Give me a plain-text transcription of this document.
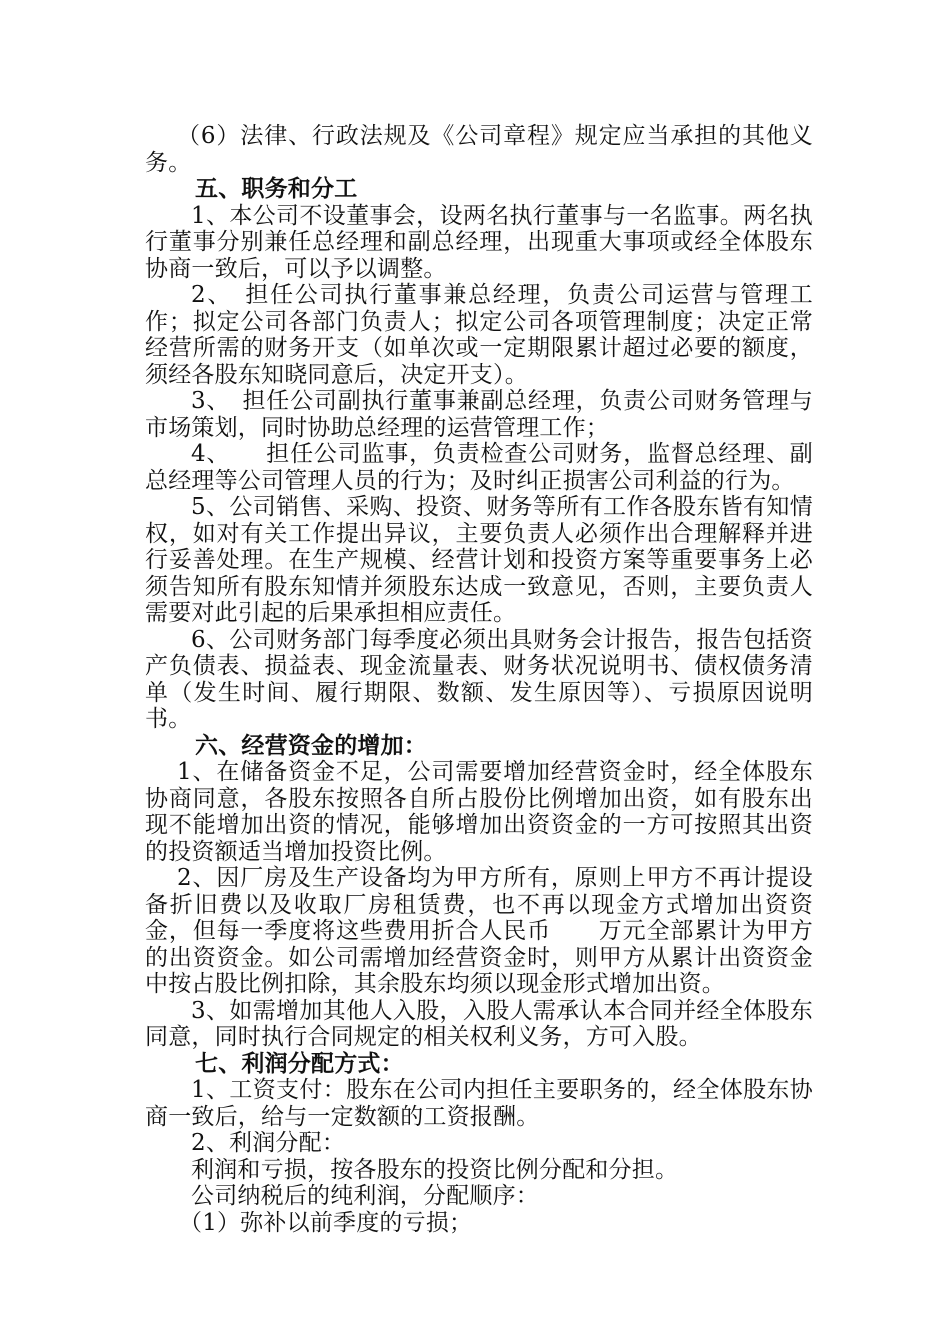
（6）法律、行政法规及《公司章程》规定应当承担的其他义务。

五、职务和分工

1、本公司不设董事会，设两名执行董事与一名监事。两名执行董事分别兼任总经理和副总经理，出现重大事项或经全体股东协商一致后，可以予以调整。

2、　担任公司执行董事兼总经理，负责公司运营与管理工作；拟定公司各部门负责人；拟定公司各项管理制度；决定正常经营所需的财务开支（如单次或一定期限累计超过必要的额度，须经各股东知晓同意后，决定开支）。

3、　担任公司副执行董事兼副总经理，负责公司财务管理与市场策划，同时协助总经理的运营管理工作；

4、　　担任公司监事，负责检查公司财务，监督总经理、副总经理等公司管理人员的行为；及时纠正损害公司利益的行为。

5、公司销售、采购、投资、财务等所有工作各股东皆有知情权，如对有关工作提出异议，主要负责人必须作出合理解释并进行妥善处理。在生产规模、经营计划和投资方案等重要事务上必须告知所有股东知情并须股东达成一致意见，否则，主要负责人需要对此引起的后果承担相应责任。

6、公司财务部门每季度必须出具财务会计报告，报告包括资产负债表、损益表、现金流量表、财务状况说明书、债权债务清单（发生时间、履行期限、数额、发生原因等）、亏损原因说明书。

六、经营资金的增加：

1、在储备资金不足，公司需要增加经营资金时，经全体股东协商同意，各股东按照各自所占股份比例增加出资，如有股东出现不能增加出资的情况，能够增加出资资金的一方可按照其出资的投资额适当增加投资比例。

2、因厂房及生产设备均为甲方所有，原则上甲方不再计提设备折旧费以及收取厂房租赁费，也不再以现金方式增加出资资金，但每一季度将这些费用折合人民币　　万元全部累计为甲方的出资资金。如公司需增加经营资金时，则甲方从累计出资资金中按占股比例扣除，其余股东均须以现金形式增加出资。

3、如需增加其他人入股，入股人需承认本合同并经全体股东同意，同时执行合同规定的相关权利义务，方可入股。

七、利润分配方式：

1、工资支付：股东在公司内担任主要职务的，经全体股东协商一致后，给与一定数额的工资报酬。

2、利润分配：

利润和亏损，按各股东的投资比例分配和分担。

公司纳税后的纯利润，分配顺序：

（1）弥补以前季度的亏损；
